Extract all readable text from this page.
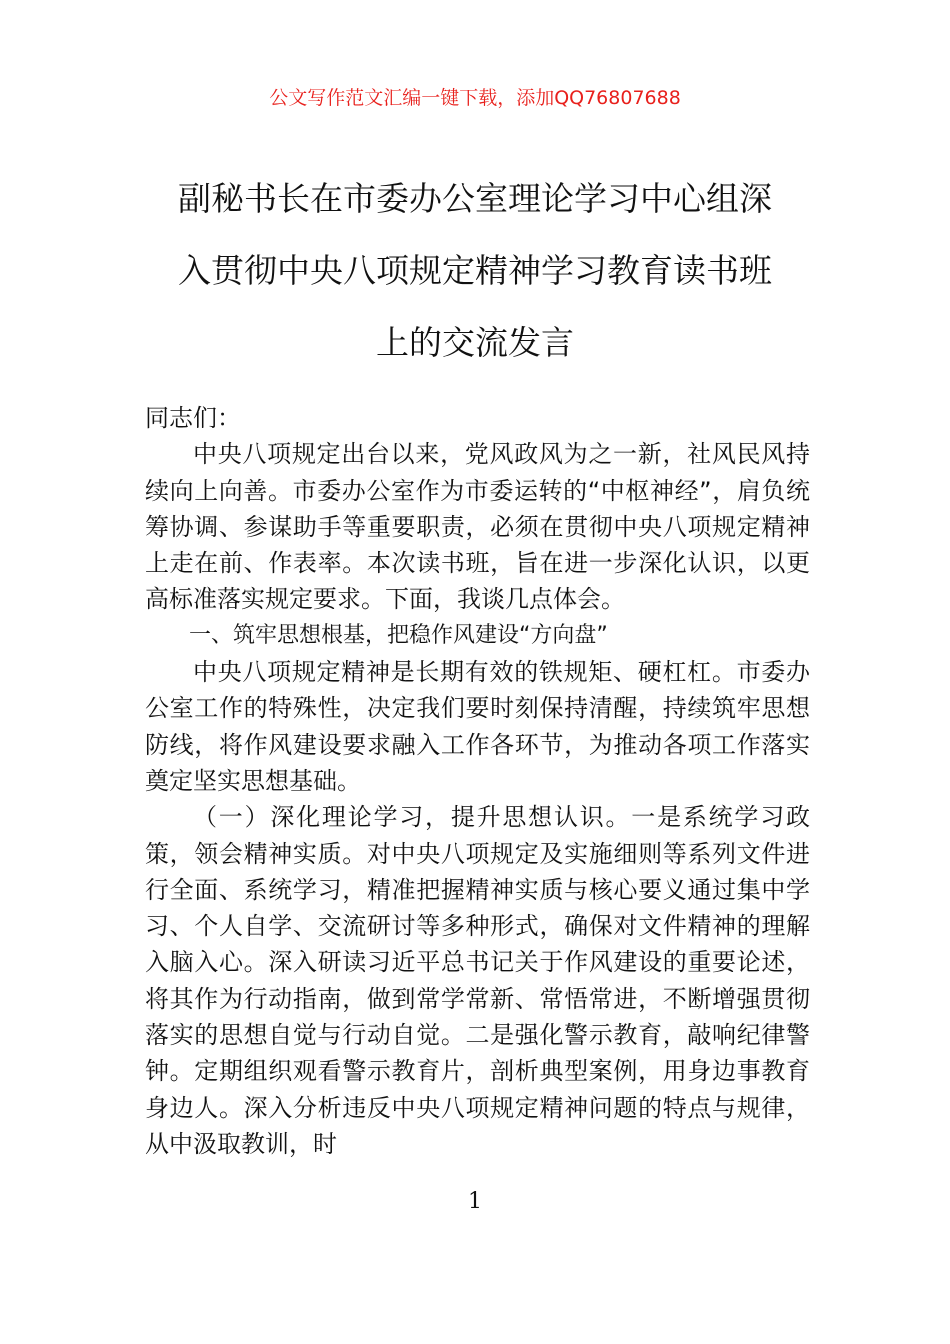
公文写作范文汇编一键下载，添加QQ76807688
副秘书长在市委办公室理论学习中心组深
入贯彻中央八项规定精神学习教育读书班
上的交流发言

同志们：

中央八项规定出台以来，党风政风为之一新，社风民风持续向上向善。市委办公室作为市委运转的“中枢神经”，肩负统筹协调、参谋助手等重要职责，必须在贯彻中央八项规定精神上走在前、作表率。本次读书班，旨在进一步深化认识，以更高标准落实规定要求。下面，我谈几点体会。

一、筑牢思想根基，把稳作风建设“方向盘”

中央八项规定精神是长期有效的铁规矩、硬杠杠。市委办公室工作的特殊性，决定我们要时刻保持清醒，持续筑牢思想防线，将作风建设要求融入工作各环节，为推动各项工作落实奠定坚实思想基础。

（一）深化理论学习，提升思想认识。一是系统学习政策，领会精神实质。对中央八项规定及实施细则等系列文件进行全面、系统学习，精准把握精神实质与核心要义通过集中学习、个人自学、交流研讨等多种形式，确保对文件精神的理解入脑入心。深入研读习近平总书记关于作风建设的重要论述，将其作为行动指南，做到常学常新、常悟常进，不断增强贯彻落实的思想自觉与行动自觉。二是强化警示教育，敲响纪律警钟。定期组织观看警示教育片，剖析典型案例，用身边事教育身边人。深入分析违反中央八项规定精神问题的特点与规律，从中汲取教训，时

1
